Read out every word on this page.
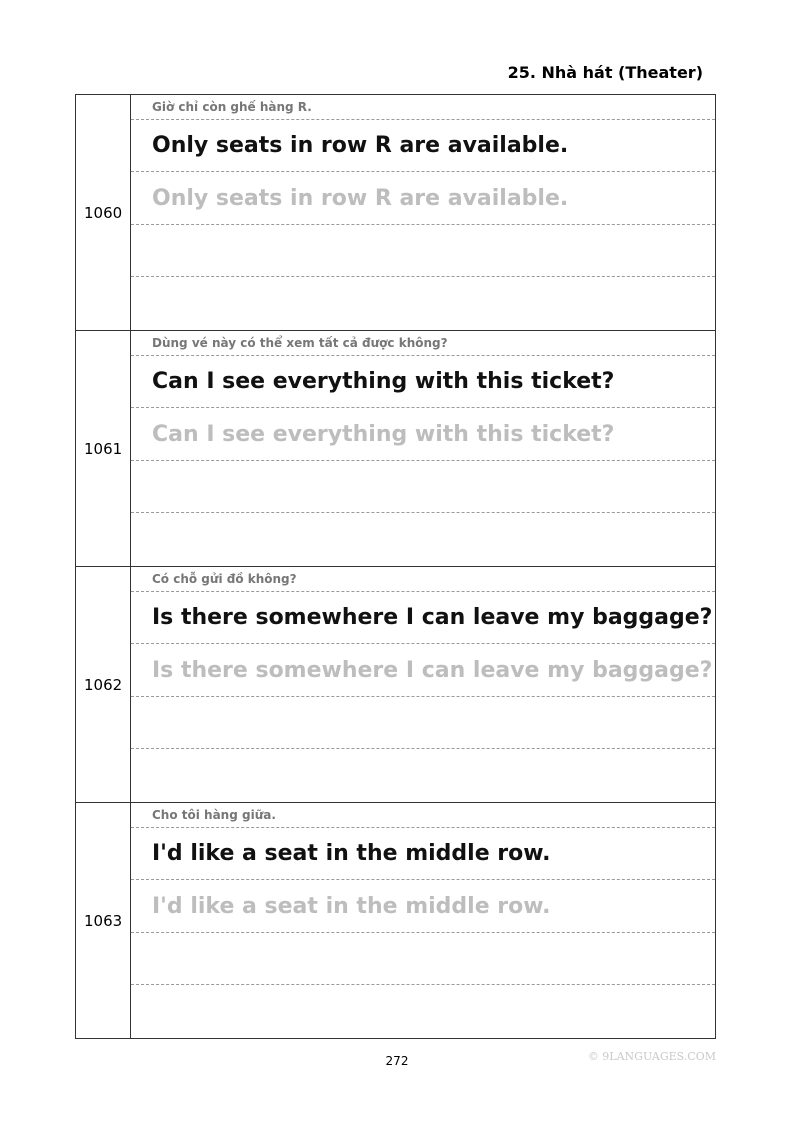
25. Nhà hát (Theater)
1060
Giờ chỉ còn ghế hàng R.
Only seats in row R are available.
Only seats in row R are available.
1061
Dùng vé này có thể xem tất cả được không?
Can I see everything with this ticket?
Can I see everything with this ticket?
1062
Có chỗ gửi đồ không?
Is there somewhere I can leave my baggage?
Is there somewhere I can leave my baggage?
1063
Cho tôi hàng giữa.
I'd like a seat in the middle row.
I'd like a seat in the middle row.
272	© 9LANGUAGES.COM
